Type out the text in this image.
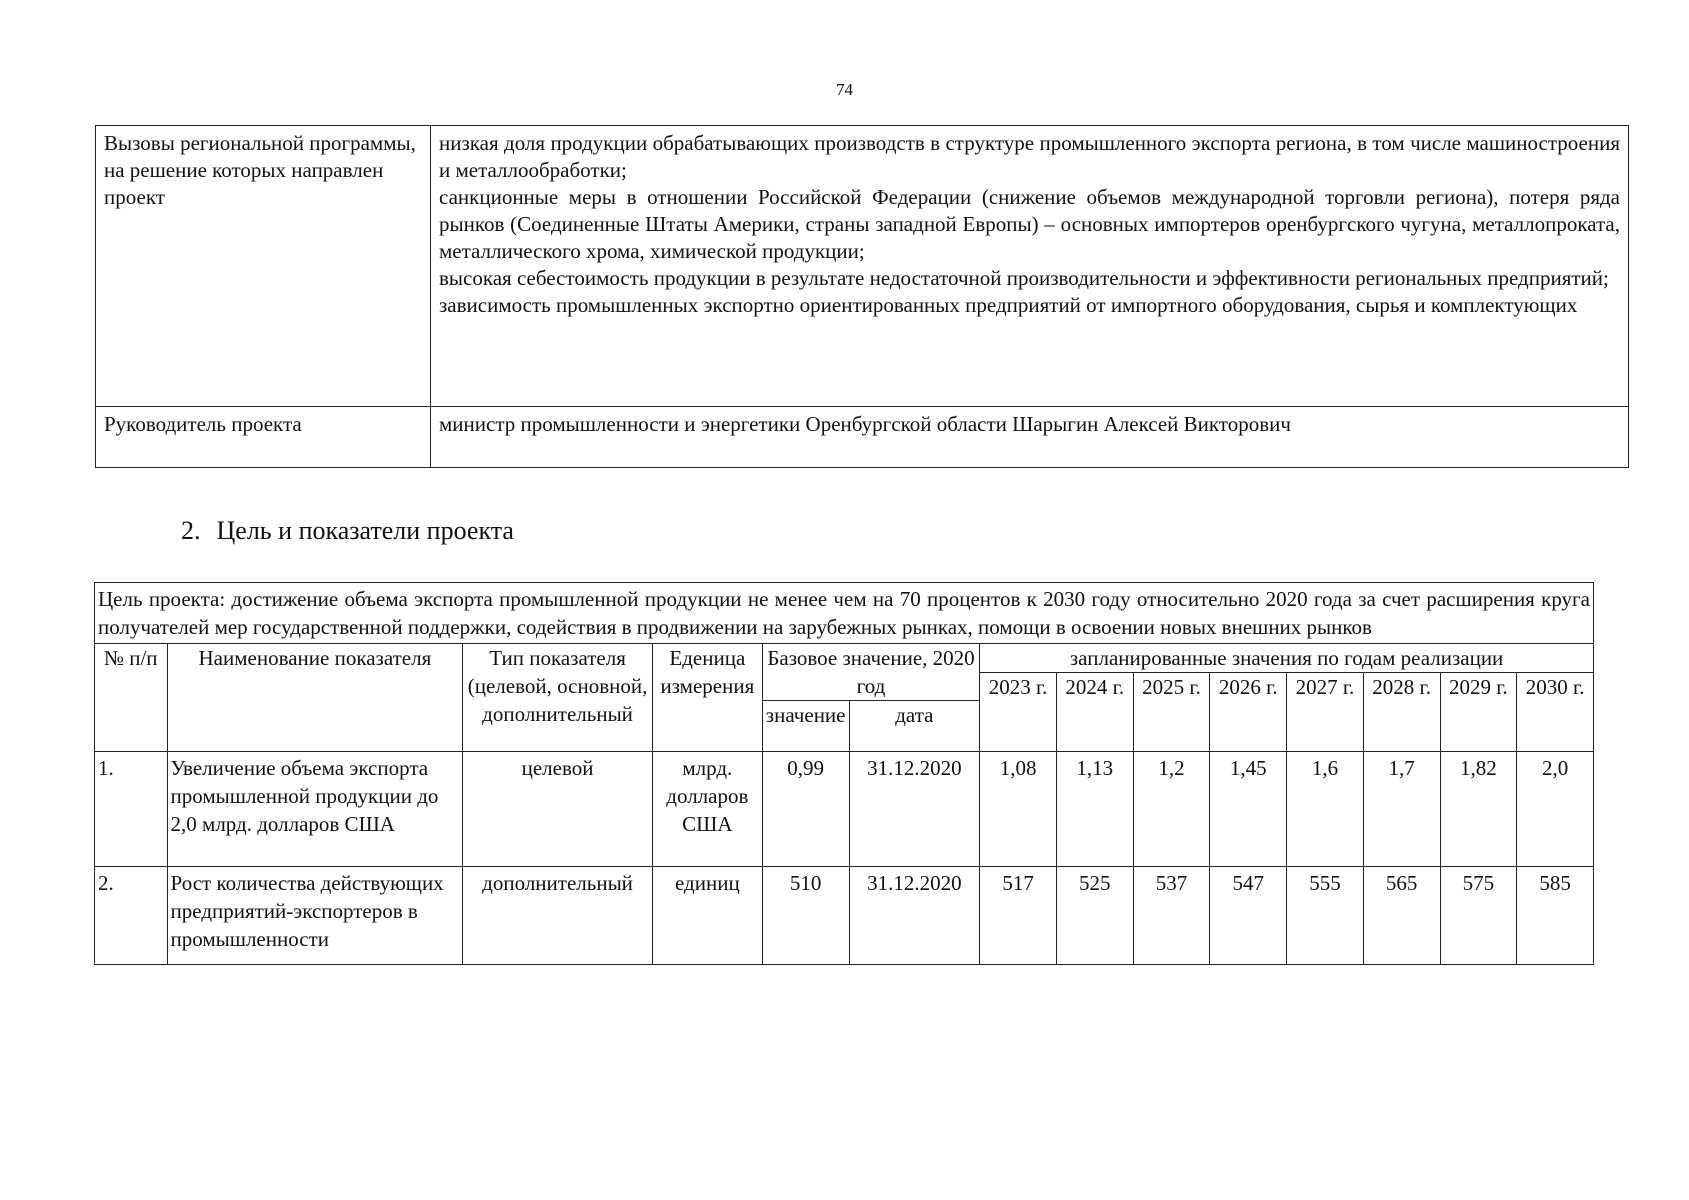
74
Вызовы региональной программы, на решение которых направлен проект	низкая доля продукции обрабатывающих производств в структуре промышленного экспорта региона, в том числе машиностроения и металлообработки;

санкционные меры в отношении Российской Федерации (снижение объемов международной торговли региона), потеря ряда рынков (Соединенные Штаты Америки, страны западной Европы) – основных импортеров оренбургского чугуна, металлопроката, металлического хрома, химической продукции;

высокая себестоимость продукции в результате недостаточной производительности и эффективности региональных предприятий;

зависимость промышленных экспортно ориентированных предприятий от импортного оборудования, сырья и комплектующих

Руководитель проекта	министр промышленности и энергетики Оренбургской области Шарыгин Алексей Викторович
2. Цель и показатели проекта
Цель проекта: достижение объема экспорта промышленной продукции не менее чем на 70 процентов к 2030 году относительно 2020 года за счет расширения круга получателей мер государственной поддержки, содействия в продвижении на зарубежных рынках, помощи в освоении новых внешних рынков													
№ п/п	Наименование показателя	Тип показателя (целевой, основной, дополнительный	Еденица измерения	Базовое значение, 2020 год		запланированные значения по годам реализации							
						2023 г.	2024 г.	2025 г.	2026 г.	2027 г.	2028 г.	2029 г.	2030 г.
				значение	дата								
1.	Увеличение объема экспорта промышленной продукции до 2,0 млрд. долларов США	целевой	млрд. долларов США	0,99	31.12.2020	1,08	1,13	1,2	1,45	1,6	1,7	1,82	2,0
2.	Рост количества действующих предприятий-экспортеров в промышленности	дополнительный	единиц	510	31.12.2020	517	525	537	547	555	565	575	585
